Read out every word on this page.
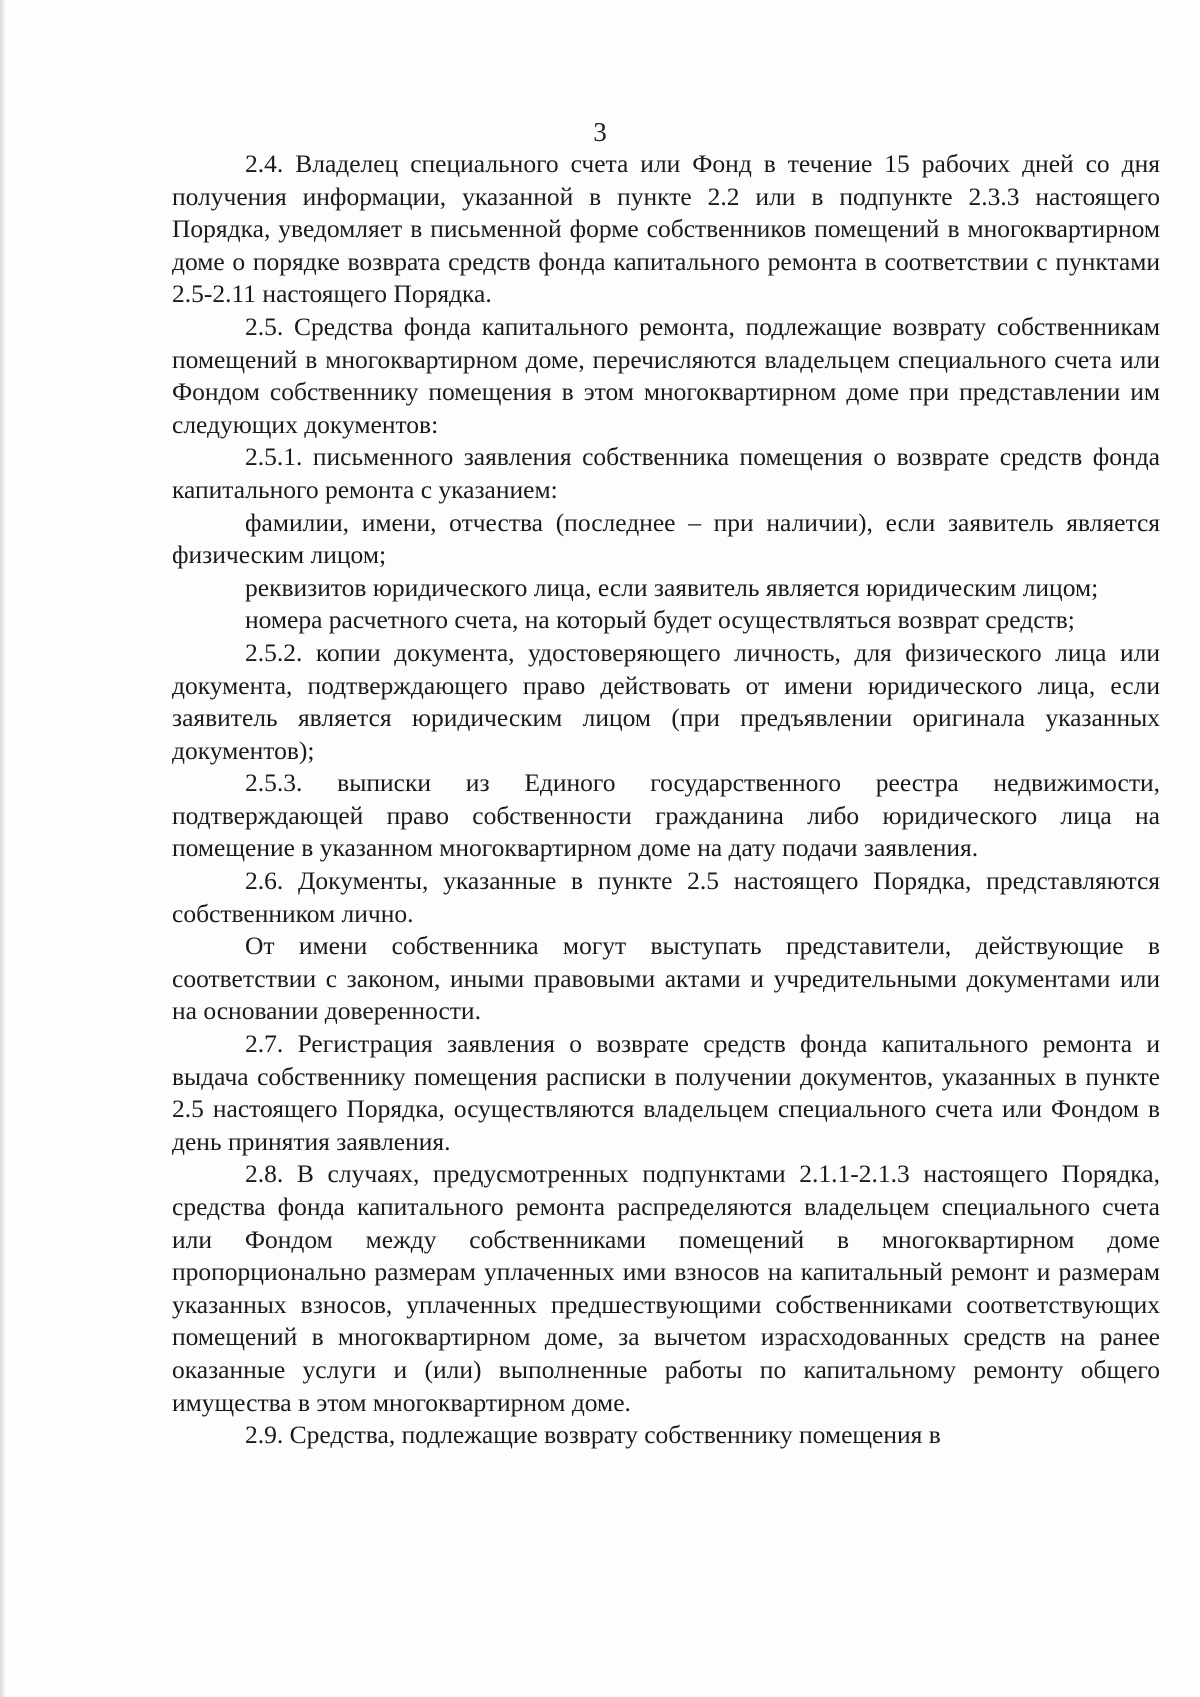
3

2.4. Владелец специального счета или Фонд в течение 15 рабочих дней со дня получения информации, указанной в пункте 2.2 или в подпункте 2.3.3 настоящего Порядка, уведомляет в письменной форме собственников помещений в многоквартирном доме о порядке возврата средств фонда капитального ремонта в соответствии с пунктами 2.5-2.11 настоящего Порядка.

2.5. Средства фонда капитального ремонта, подлежащие возврату собственникам помещений в многоквартирном доме, перечисляются владельцем специального счета или Фондом собственнику помещения в этом многоквартирном доме при представлении им следующих документов:

2.5.1. письменного заявления собственника помещения о возврате средств фонда капитального ремонта с указанием:

фамилии, имени, отчества (последнее – при наличии), если заявитель является физическим лицом;

реквизитов юридического лица, если заявитель является юридическим лицом;

номера расчетного счета, на который будет осуществляться возврат средств;

2.5.2. копии документа, удостоверяющего личность, для физического лица или документа, подтверждающего право действовать от имени юридического лица, если заявитель является юридическим лицом (при предъявлении оригинала указанных документов);

2.5.3. выписки из Единого государственного реестра недвижимости, подтверждающей право собственности гражданина либо юридического лица на помещение в указанном многоквартирном доме на дату подачи заявления.

2.6. Документы, указанные в пункте 2.5 настоящего Порядка, представляются собственником лично.

От имени собственника могут выступать представители, действующие в соответствии с законом, иными правовыми актами и учредительными документами или на основании доверенности.

2.7. Регистрация заявления о возврате средств фонда капитального ремонта и выдача собственнику помещения расписки в получении документов, указанных в пункте 2.5 настоящего Порядка, осуществляются владельцем специального счета или Фондом в день принятия заявления.

2.8. В случаях, предусмотренных подпунктами 2.1.1-2.1.3 настоящего Порядка, средства фонда капитального ремонта распределяются владельцем специального счета или Фондом между собственниками помещений в многоквартирном доме пропорционально размерам уплаченных ими взносов на капитальный ремонт и размерам указанных взносов, уплаченных предшествующими собственниками соответствующих помещений в многоквартирном доме, за вычетом израсходованных средств на ранее оказанные услуги и (или) выполненные работы по капитальному ремонту общего имущества в этом многоквартирном доме.

2.9. Средства, подлежащие возврату собственнику помещения в
